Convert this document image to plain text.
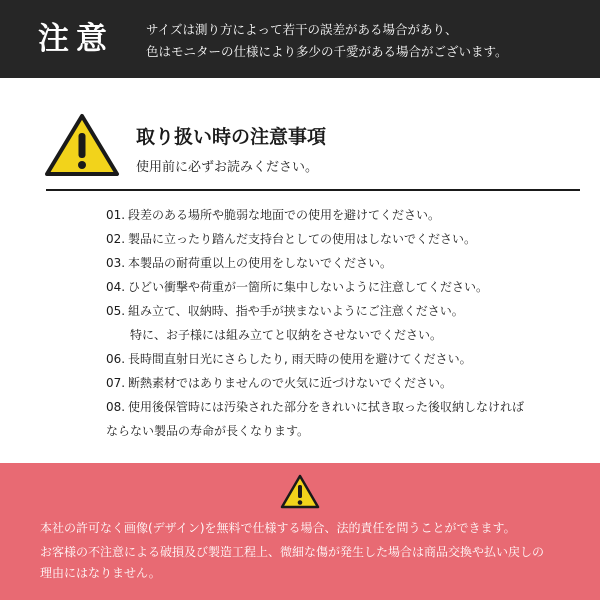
注意	サイズは測り方によって若干の誤差がある場合があり、
色はモニターの仕様により多少の千愛がある場合がございます。
取り扱い時の注意事項
使用前に必ずお読みください。
01. 段差のある場所や脆弱な地面での使用を避けてください。
02. 製品に立ったり踏んだ支持台としての使用はしないでください。
03. 本製品の耐荷重以上の使用をしないでください。
04. ひどい衝撃や荷重が一箇所に集中しないように注意してください。
05. 組み立て、収納時、指や手が挟まないようにご注意ください。
特に、お子様には組み立てと収納をさせないでください。
06. 長時間直射日光にさらしたり, 雨天時の使用を避けてください。
07. 断熱素材ではありませんので火気に近づけないでください。
08. 使用後保管時には汚染された部分をきれいに拭き取った後収納しなければ
ならない製品の寿命が長くなります。
本社の許可なく画像(デザイン)を無料で仕様する場合、法的責任を問うことができます。
お客様の不注意による破損及び製造工程上、微細な傷が発生した場合は商品交換や払い戻しの
理由にはなりません。
